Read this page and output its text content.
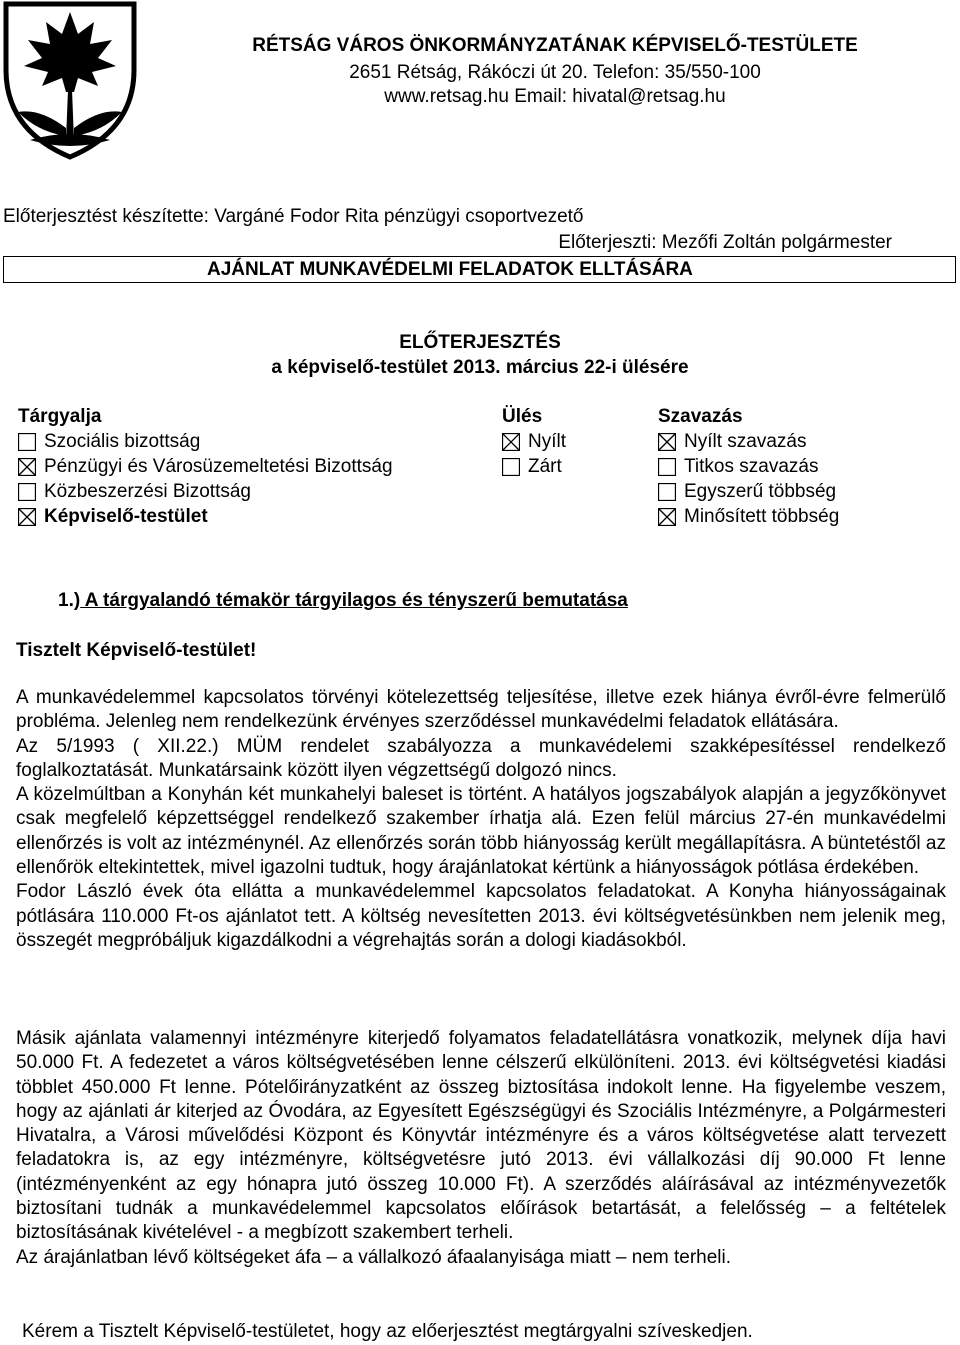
RÉTSÁG VÁROS ÖNKORMÁNYZATÁNAK KÉPVISELŐ-TESTÜLETE
2651 Rétság, Rákóczi út 20. Telefon: 35/550-100
www.retsag.hu Email: hivatal@retsag.hu
Előterjesztést készítette: Vargáné Fodor Rita pénzügyi csoportvezető
Előterjeszti: Mezőfi Zoltán polgármester
AJÁNLAT MUNKAVÉDELMI FELADATOK ELLTÁSÁRA
ELŐTERJESZTÉS
a képviselő-testület 2013. március 22-i ülésére
Tárgyalja
Szociális bizottság
Pénzügyi és Városüzemeltetési Bizottság
Közbeszerzési Bizottság
Képviselő-testület
Ülés
Nyílt
Zárt
Szavazás
Nyílt szavazás
Titkos szavazás
Egyszerű többség
Minősített többség
1.) A tárgyalandó témakör tárgyilagos és tényszerű bemutatása
Tisztelt Képviselő-testület!

A munkavédelemmel kapcsolatos törvényi kötelezettség teljesítése, illetve ezek hiánya évről-évre felmerülő probléma. Jelenleg nem rendelkezünk érvényes szerződéssel munkavédelmi feladatok ellátására.

Az 5/1993 ( XII.22.) MÜM rendelet szabályozza a munkavédelemi szakképesítéssel rendelkező foglalkoztatását. Munkatársaink között ilyen végzettségű dolgozó nincs.

A közelmúltban a Konyhán két munkahelyi baleset is történt. A hatályos jogszabályok alapján a jegyzőkönyvet csak megfelelő képzettséggel rendelkező szakember írhatja alá. Ezen felül március 27-én munkavédelmi ellenőrzés is volt az intézménynél. Az ellenőrzés során több hiányosság került megállapításra. A büntetéstől az ellenőrök eltekintettek, mivel igazolni tudtuk, hogy árajánlatokat kértünk a hiányosságok pótlása érdekében.

Fodor László évek óta ellátta a munkavédelemmel kapcsolatos feladatokat. A Konyha hiányosságainak pótlására 110.000 Ft-os ajánlatot tett. A költség nevesítetten 2013. évi költségvetésünkben nem jelenik meg, összegét megpróbáljuk kigazdálkodni a végrehajtás során a dologi kiadásokból.

Másik ajánlata valamennyi intézményre kiterjedő folyamatos feladatellátásra vonatkozik, melynek díja havi 50.000 Ft. A fedezetet a város költségvetésében lenne célszerű elkülöníteni. 2013. évi költségvetési kiadási többlet 450.000 Ft lenne. Pótelőirányzatként az összeg biztosítása indokolt lenne. Ha figyelembe veszem, hogy az ajánlati ár kiterjed az Óvodára, az Egyesített Egészségügyi és Szociális Intézményre, a Polgármesteri Hivatalra, a Városi művelődési Központ és Könyvtár intézményre és a város költségvetése alatt tervezett feladatokra is, az egy intézményre, költségvetésre jutó 2013. évi vállalkozási díj 90.000 Ft lenne (intézményenként az egy hónapra jutó összeg 10.000 Ft). A szerződés aláírásával az intézményvezetők biztosítani tudnák a munkavédelemmel kapcsolatos előírások betartását, a felelősség – a feltételek biztosításának kivételével - a megbízott szakembert terheli.

Az árajánlatban lévő költségeket áfa – a vállalkozó áfaalanyisága miatt – nem terheli.

Kérem a Tisztelt Képviselő-testületet, hogy az előerjesztést megtárgyalni szíveskedjen.
